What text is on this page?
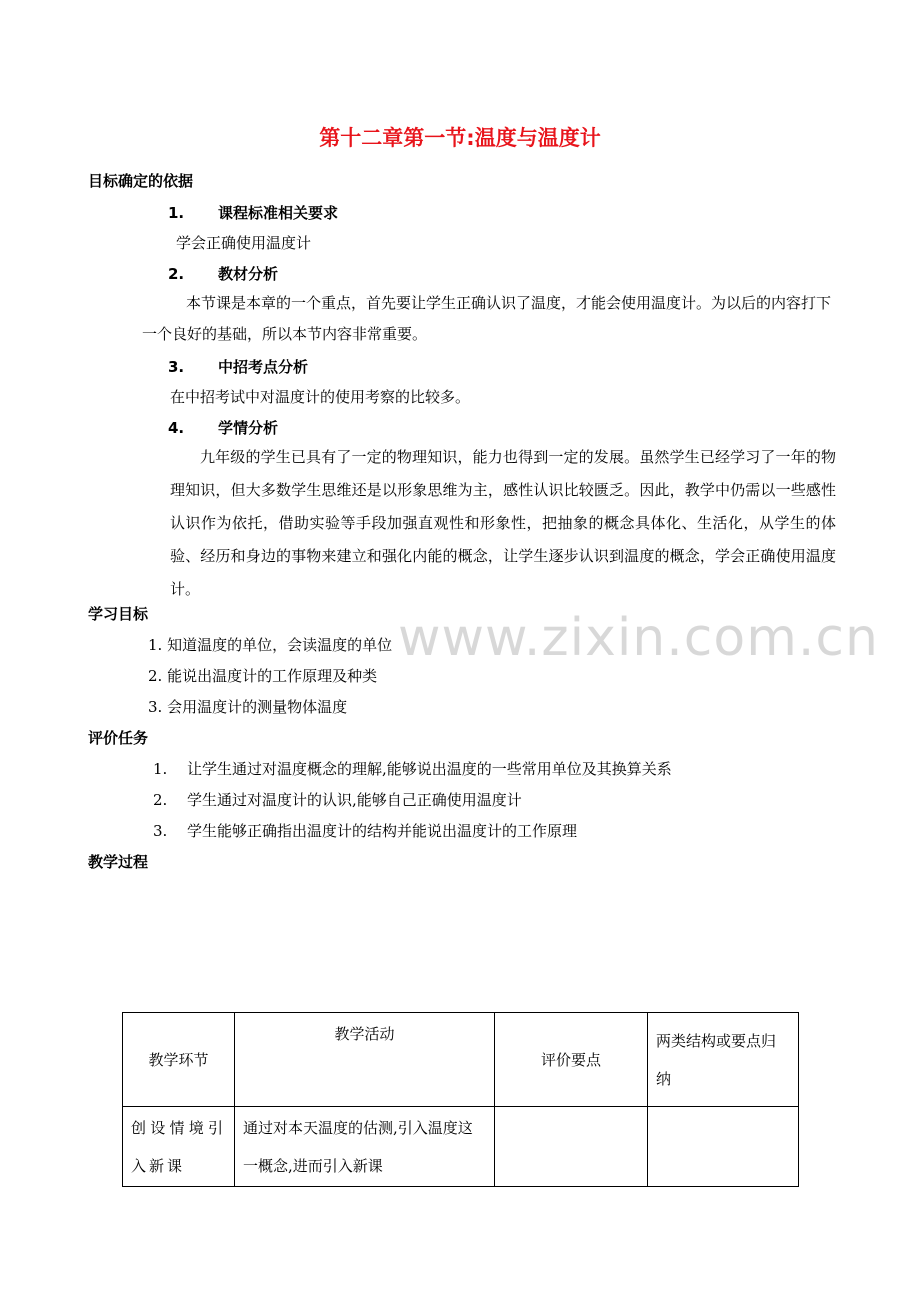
第十二章第一节:温度与温度计
www.zixin.com.cn
目标确定的依据
1. 课程标准相关要求
学会正确使用温度计
2. 教材分析
本节课是本章的一个重点，首先要让学生正确认识了温度，才能会使用温度计。为以后的内容打下一个良好的基础，所以本节内容非常重要。
3. 中招考点分析
在中招考试中对温度计的使用考察的比较多。
4. 学情分析
九年级的学生已具有了一定的物理知识，能力也得到一定的发展。虽然学生已经学习了一年的物理知识，但大多数学生思维还是以形象思维为主，感性认识比较匮乏。因此，教学中仍需以一些感性认识作为依托，借助实验等手段加强直观性和形象性，把抽象的概念具体化、生活化，从学生的体验、经历和身边的事物来建立和强化内能的概念，让学生逐步认识到温度的概念，学会正确使用温度计。
学习目标
1. 知道温度的单位，会读温度的单位
2. 能说出温度计的工作原理及种类
3. 会用温度计的测量物体温度
评价任务
1. 让学生通过对温度概念的理解,能够说出温度的一些常用单位及其换算关系
2. 学生通过对温度计的认识,能够自己正确使用温度计
3. 学生能够正确指出温度计的结构并能说出温度计的工作原理
教学过程
教学环节	教学活动	评价要点	两类结构或要点归纳
创设情境引入新课	通过对本天温度的估测,引入温度这一概念,进而引入新课		
